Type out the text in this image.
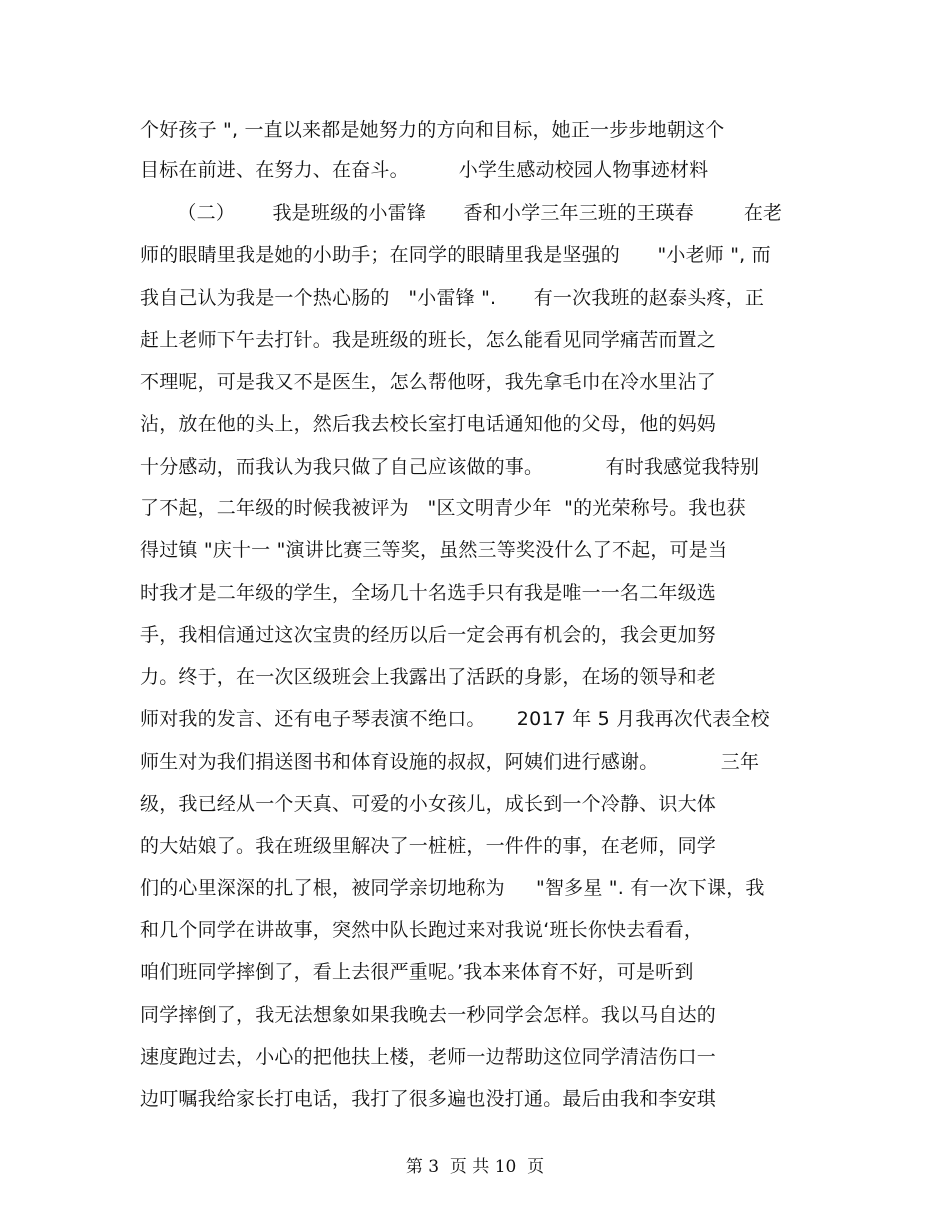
个好孩子 ", 一直以来都是她努力的方向和目标，她正一步步地朝这个
目标在前进、在努力、在奋斗。        小学生感动校园人物事迹材料
（二）      我是班级的小雷锋      香和小学三年三班的王瑛春        在老
师的眼睛里我是她的小助手；在同学的眼睛里我是坚强的      "小老师 ", 而
我自己认为我是一个热心肠的   "小雷锋 ".      有一次我班的赵泰头疼，正
赶上老师下午去打针。我是班级的班长，怎么能看见同学痛苦而置之
不理呢，可是我又不是医生，怎么帮他呀，我先拿毛巾在冷水里沾了
沾，放在他的头上，然后我去校长室打电话通知他的父母，他的妈妈
十分感动，而我认为我只做了自己应该做的事。          有时我感觉我特别
了不起，二年级的时候我被评为   "区文明青少年  "的光荣称号。我也获
得过镇 "庆十一 "演讲比赛三等奖，虽然三等奖没什么了不起，可是当
时我才是二年级的学生，全场几十名选手只有我是唯一一名二年级选
手，我相信通过这次宝贵的经历以后一定会再有机会的，我会更加努
力。终于，在一次区级班会上我露出了活跃的身影，在场的领导和老
师对我的发言、还有电子琴表演不绝口。     2017 年 5 月我再次代表全校
师生对为我们捐送图书和体育设施的叔叔，阿姨们进行感谢。          三年
级，我已经从一个天真、可爱的小女孩儿，成长到一个冷静、识大体
的大姑娘了。我在班级里解决了一桩桩，一件件的事，在老师，同学
们的心里深深的扎了根，被同学亲切地称为     "智多星 ". 有一次下课，我
和几个同学在讲故事，突然中队长跑过来对我说‘班长你快去看看，
咱们班同学摔倒了，看上去很严重呢。’我本来体育不好，可是听到
同学摔倒了，我无法想象如果我晚去一秒同学会怎样。我以马自达的
速度跑过去，小心的把他扶上楼，老师一边帮助这位同学清洁伤口一
边叮嘱我给家长打电话，我打了很多遍也没打通。最后由我和李安琪
第 3  页 共 10  页
